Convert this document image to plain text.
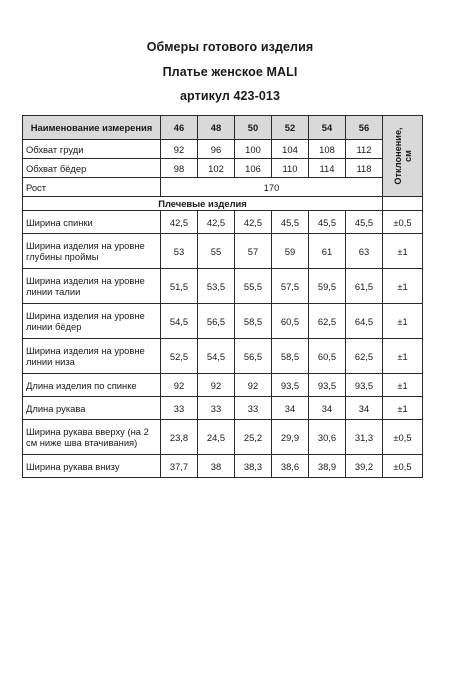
Обмеры готового изделия
Платье женское MALI
артикул 423-013
Наименование измерения	46	48	50	52	54	56	Отклонение, см

Обхват груди	92	96	100	104	108	112	
Обхват бёдер	98	102	106	110	114	118	
Рост	170						
Плечевые изделия							
Ширина спинки	42,5	42,5	42,5	45,5	45,5	45,5	±0,5
Ширина изделия на уровне глубины проймы	53	55	57	59	61	63	±1
Ширина изделия на уровне линии талии	51,5	53,5	55,5	57,5	59,5	61,5	±1
Ширина изделия на уровне линии бёдер	54,5	56,5	58,5	60,5	62,5	64,5	±1
Ширина изделия на уровне линии низа	52,5	54,5	56,5	58,5	60,5	62,5	±1
Длина изделия по спинке	92	92	92	93,5	93,5	93,5	±1
Длина рукава	33	33	33	34	34	34	±1
Ширина рукава вверху (на 2 см ниже шва втачивания)	23,8	24,5	25,2	29,9	30,6	31,3	±0,5
Ширина рукава внизу	37,7	38	38,3	38,6	38,9	39,2	±0,5
